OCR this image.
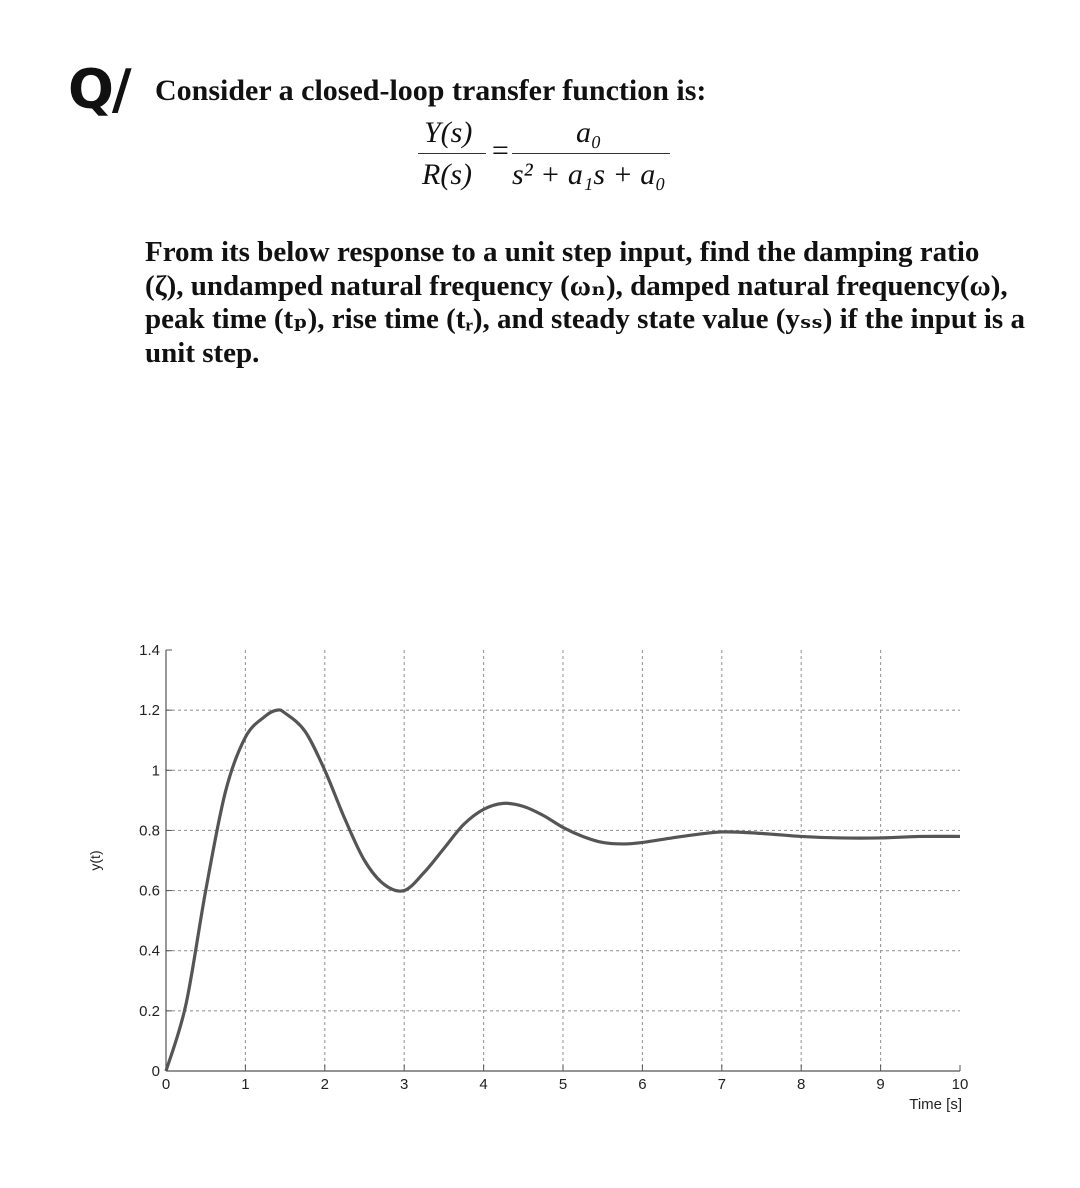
Q/ Consider a closed-loop transfer function is:
Y(s)
R(s)
=
a₀
s² + a₁s + a₀

From its below response to a unit step input, find the damping ratio
(ζ), undamped natural frequency (ωₙ), damped natural frequency(ω),
peak time (tₚ), rise time (tᵣ), and steady state value (yₛₛ) if the input is a
unit step.

0	1	2	3	4	5	6	7	8	9	10
0
0.2
0.4
0.6
0.8
1
1.2
1.4
Time [s]
y(t)
